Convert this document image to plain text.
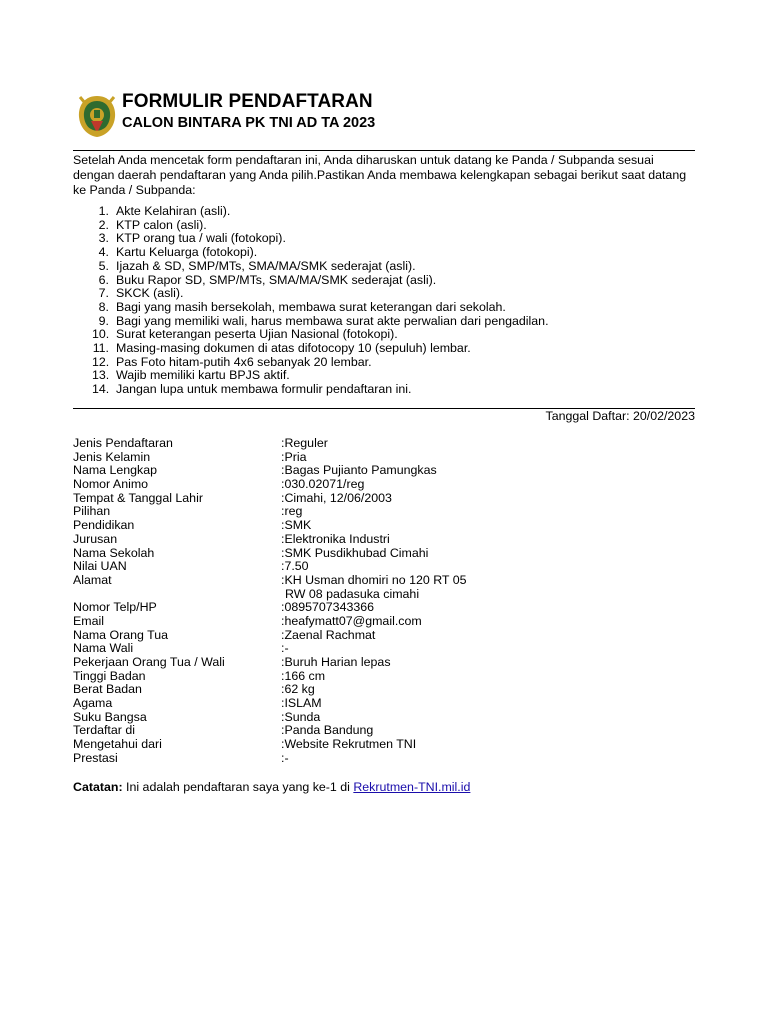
FORMULIR PENDAFTARAN
CALON BINTARA PK TNI AD TA 2023

Setelah Anda mencetak form pendaftaran ini, Anda diharuskan untuk datang ke Panda / Subpanda sesuai dengan daerah pendaftaran yang Anda pilih.Pastikan Anda membawa kelengkapan sebagai berikut saat datang ke Panda / Subpanda:

1. Akte Kelahiran (asli).
2. KTP calon (asli).
3. KTP orang tua / wali (fotokopi).
4. Kartu Keluarga (fotokopi).
5. Ijazah & SD, SMP/MTs, SMA/MA/SMK sederajat (asli).
6. Buku Rapor SD, SMP/MTs, SMA/MA/SMK sederajat (asli).
7. SKCK (asli).
8. Bagi yang masih bersekolah, membawa surat keterangan dari sekolah.
9. Bagi yang memiliki wali, harus membawa surat akte perwalian dari pengadilan.
10. Surat keterangan peserta Ujian Nasional (fotokopi).
11. Masing-masing dokumen di atas difotocopy 10 (sepuluh) lembar.
12. Pas Foto hitam-putih 4x6 sebanyak 20 lembar.
13. Wajib memiliki kartu BPJS aktif.
14. Jangan lupa untuk membawa formulir pendaftaran ini.
Tanggal Daftar: 20/02/2023
Jenis Pendaftaran	:Reguler
Jenis Kelamin	:Pria
Nama Lengkap	:Bagas Pujianto Pamungkas
Nomor Animo	:030.02071/reg
Tempat & Tanggal Lahir	:Cimahi, 12/06/2003
Pilihan	:reg
Pendidikan	:SMK
Jurusan	:Elektronika Industri
Nama Sekolah	:SMK Pusdikhubad Cimahi
Nilai UAN	:7.50
Alamat	:KH Usman dhomiri no 120 RT 05
RW 08 padasuka cimahi
Nomor Telp/HP	:0895707343366
Email	:heafymatt07@gmail.com
Nama Orang Tua	:Zaenal Rachmat
Nama Wali	:-
Pekerjaan Orang Tua / Wali	:Buruh Harian lepas
Tinggi Badan	:166 cm
Berat Badan	:62 kg
Agama	:ISLAM
Suku Bangsa	:Sunda
Terdaftar di	:Panda Bandung
Mengetahui dari	:Website Rekrutmen TNI
Prestasi	:-
Catatan: Ini adalah pendaftaran saya yang ke-1 di Rekrutmen-TNI.mil.id
